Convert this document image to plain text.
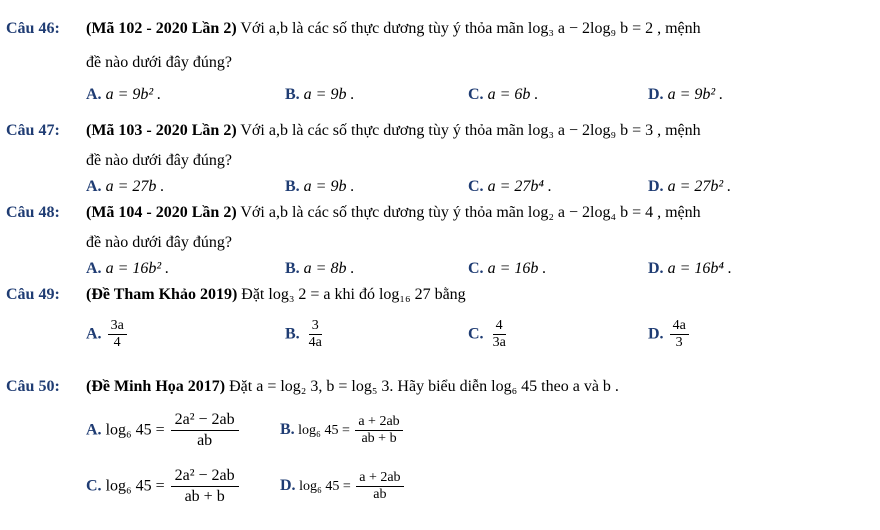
Câu 46: (Mã 102 - 2020 Lần 2) Với a,b là các số thực dương tùy ý thỏa mãn log₃ a − 2log₉ b = 2 , mệnh
đề nào dưới đây đúng?
A. a = 9b² .	B. a = 9b .	C. a = 6b .	D. a = 9b² .
Câu 47: (Mã 103 - 2020 Lần 2) Với a,b là các số thực dương tùy ý thỏa mãn log₃ a − 2log₉ b = 3 , mệnh
đề nào dưới đây đúng?
A. a = 27b .	B. a = 9b .	C. a = 27b⁴ .	D. a = 27b² .
Câu 48: (Mã 104 - 2020 Lần 2) Với a,b là các số thực dương tùy ý thỏa mãn log₂ a − 2log₄ b = 4 , mệnh
đề nào dưới đây đúng?
A. a = 16b² .	B. a = 8b .	C. a = 16b .	D. a = 16b⁴ .
Câu 49: (Đề Tham Khảo 2019) Đặt log₃ 2 = a khi đó log₁₆ 27 bằng
A. $\frac{3a}{4}$	B. $\frac{3}{4a}$	C. $\frac{4}{3a}$	D. $\frac{4a}{3}$
Câu 50: (Đề Minh Họa 2017) Đặt a = log₂ 3, b = log₅ 3. Hãy biểu diễn log₆ 45 theo a và b .
A. log₆ $45 = \frac{\text{2a² − 2ab}}{ab}$	B. log₆ $45 = \frac{a + 2ab}{ab + b}$
C. log₆ $45 = \frac{\text{2a² − 2ab}}{ab + b}$	D. log₆ $45 = \frac{a + 2ab}{ab}$
